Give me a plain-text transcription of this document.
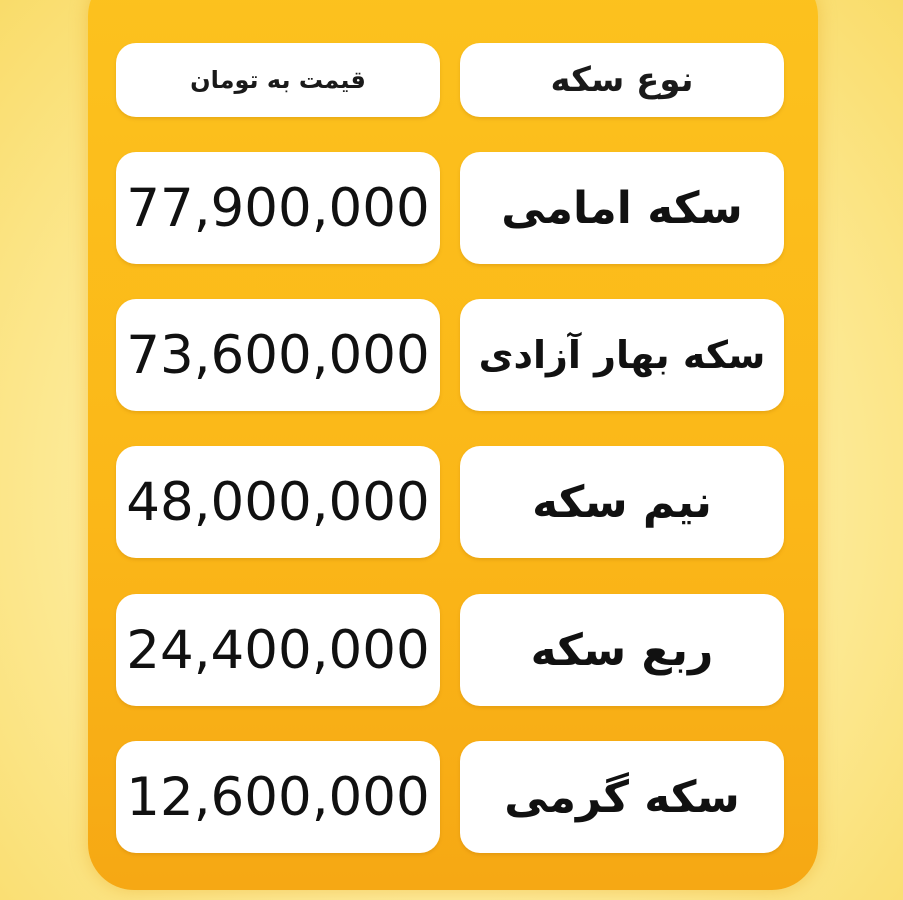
قیمت به تومان	نوع سکه
77,900,000 سکه امامی
73,600,000 سکه بهار آزادی
48,000,000 نیم سکه
24,400,000 ربع سکه
12,600,000 سکه گرمی
